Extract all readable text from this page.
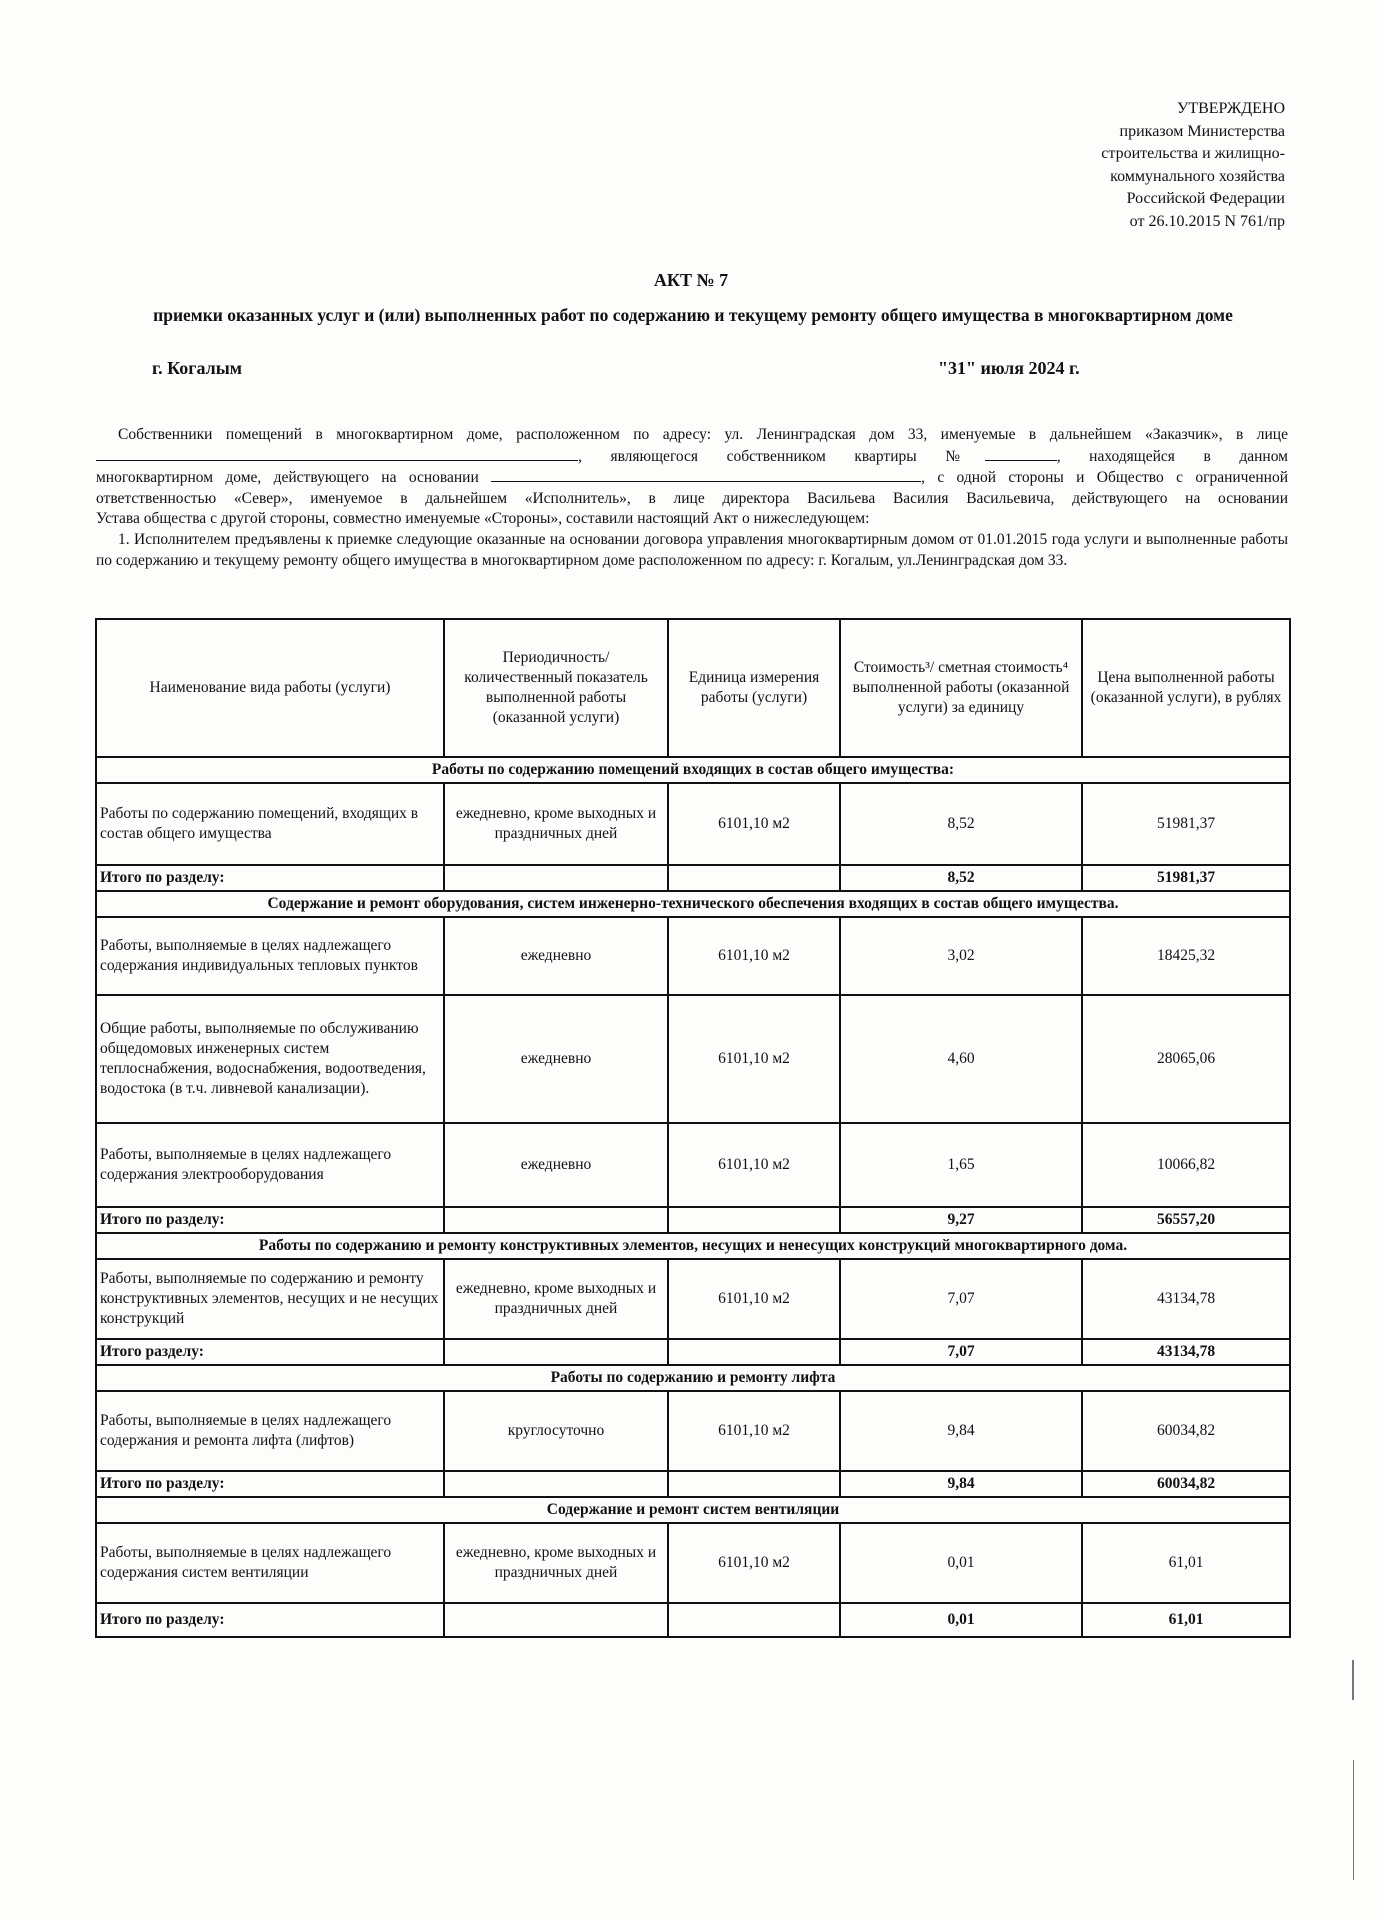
УТВЕРЖДЕНО
приказом Министерства
строительства и жилищно-
коммунального хозяйства
Российской Федерации
от 26.10.2015 N 761/пр
АКТ № 7
приемки оказанных услуг и (или) выполненных работ по содержанию и текущему ремонту общего имущества в многоквартирном доме
г. Когалым	"31" июля 2024 г.
Собственники помещений в многоквартирном доме, расположенном по адресу: ул. Ленинградская дом 33, именуемые в дальнейшем «Заказчик», в лице
, являющегося собственником квартиры №	, находящейся в данном
многоквартирном доме, действующего на основании	, с одной стороны и Обществo с ограниченной
ответственностью «Север», именуемое в дальнейшем «Исполнитель», в лице директора Васильева Василия Васильевича, действующего на основании
Устава общества с другой стороны, совместно именуемые «Стороны», составили настоящий Акт о нижеследующем:

1. Исполнителем предъявлены к приемке следующие оказанные на основании договора управления многоквартирным домом от 01.01.2015 года услуги и выполненные работы по содержанию и текущему ремонту общего имущества в многоквартирном доме расположенном по адресу: г. Когалым, ул.Ленинградская дом 33.

Наименование вида работы (услуги)	Периодичность/ количественный показатель выполненной работы (оказанной услуги)	Единица измерения работы (услуги)	Стоимость³/ сметная стоимость⁴ выполненной работы (оказанной услуги) за единицу	Цена выполненной работы (оказанной услуги), в рублях
Работы по содержанию помещений входящих в состав общего имущества:				
Работы по содержанию помещений, входящих в состав общего имущества	ежедневно, кроме выходных и праздничных дней	6101,10 м2	8,52	51981,37
Итого по разделу:			8,52	51981,37
Содержание и ремонт оборудования, систем инженерно-технического обеспечения входящих в состав общего имущества.				
Работы, выполняемые в целях надлежащего содержания индивидуальных тепловых пунктов	ежедневно	6101,10 м2	3,02	18425,32
Общие работы, выполняемые по обслуживанию общедомовых инженерных систем теплоснабжения, водоснабжения, водоотведения, водостока (в т.ч. ливневой канализации).	ежедневно	6101,10 м2	4,60	28065,06
Работы, выполняемые в целях надлежащего содержания электрооборудования	ежедневно	6101,10 м2	1,65	10066,82
Итого по разделу:			9,27	56557,20
Работы по содержанию и ремонту конструктивных элементов, несущих и ненесущих конструкций многоквартирного дома.				
Работы, выполняемые по содержанию и ремонту конструктивных элементов, несущих и не несущих конструкций	ежедневно, кроме выходных и праздничных дней	6101,10 м2	7,07	43134,78
Итого разделу:			7,07	43134,78
Работы по содержанию и ремонту лифта				
Работы, выполняемые в целях надлежащего содержания и ремонта лифта (лифтов)	круглосуточно	6101,10 м2	9,84	60034,82
Итого по разделу:			9,84	60034,82
Содержание и ремонт систем вентиляции				
Работы, выполняемые в целях надлежащего содержания систем вентиляции	ежедневно, кроме выходных и праздничных дней	6101,10 м2	0,01	61,01
Итого по разделу:			0,01	61,01
